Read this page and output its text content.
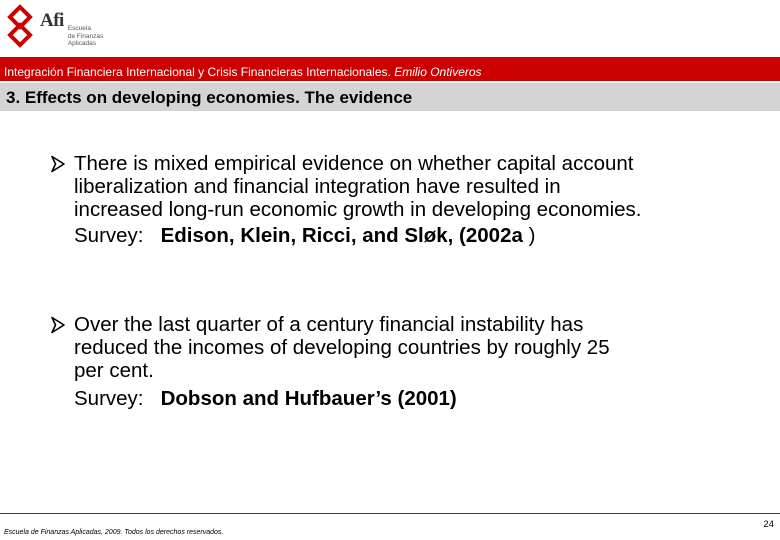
Afi Escuela
de Finanzas
Aplicadas
Integración Financiera Internacional y Crisis Financieras Internacionales. Emilio Ontiveros
3. Effects on developing economies. The evidence
There is mixed empirical evidence on whether capital account
liberalization and financial integration have resulted in
increased long-run economic growth in developing economies.
Survey: Edison, Klein, Ricci, and Sløk, (2002a )
Over the last quarter of a century financial instability has
reduced the incomes of developing countries by roughly 25
per cent.
Survey: Dobson and Hufbauer’s (2001)
Escuela de Finanzas Aplicadas, 2009. Todos los derechos reservados.
24
